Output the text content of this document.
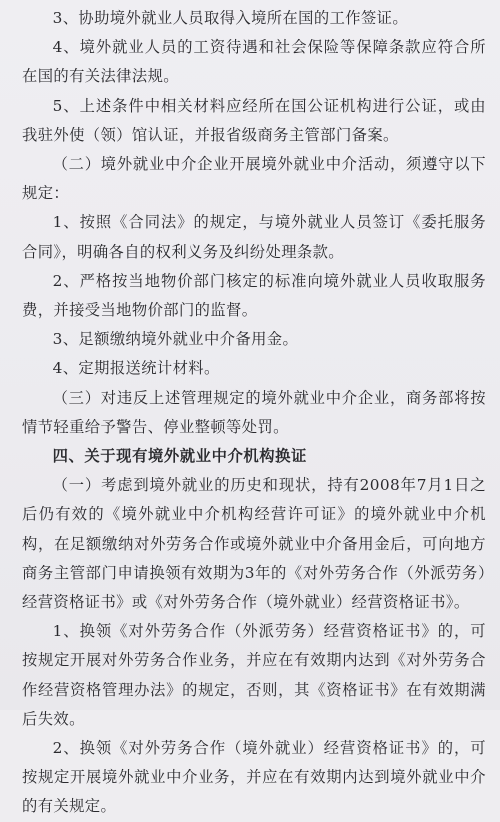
3、协助境外就业人员取得入境所在国的工作签证。

4、境外就业人员的工资待遇和社会保险等保障条款应符合所在国的有关法律法规。

5、上述条件中相关材料应经所在国公证机构进行公证，或由我驻外使（领）馆认证，并报省级商务主管部门备案。

（二）境外就业中介企业开展境外就业中介活动，须遵守以下规定：

1、按照《合同法》的规定，与境外就业人员签订《委托服务合同》，明确各自的权利义务及纠纷处理条款。

2、严格按当地物价部门核定的标准向境外就业人员收取服务费，并接受当地物价部门的监督。

3、足额缴纳境外就业中介备用金。

4、定期报送统计材料。

（三）对违反上述管理规定的境外就业中介企业，商务部将按情节轻重给予警告、停业整顿等处罚。

四、关于现有境外就业中介机构换证

（一）考虑到境外就业的历史和现状，持有2008年7月1日之后仍有效的《境外就业中介机构经营许可证》的境外就业中介机构，在足额缴纳对外劳务合作或境外就业中介备用金后，可向地方商务主管部门申请换领有效期为3年的《对外劳务合作（外派劳务）经营资格证书》或《对外劳务合作（境外就业）经营资格证书》。

1、换领《对外劳务合作（外派劳务）经营资格证书》的，可按规定开展对外劳务合作业务，并应在有效期内达到《对外劳务合作经营资格管理办法》的规定，否则，其《资格证书》在有效期满后失效。

2、换领《对外劳务合作（境外就业）经营资格证书》的，可按规定开展境外就业中介业务，并应在有效期内达到境外就业中介的有关规定。
